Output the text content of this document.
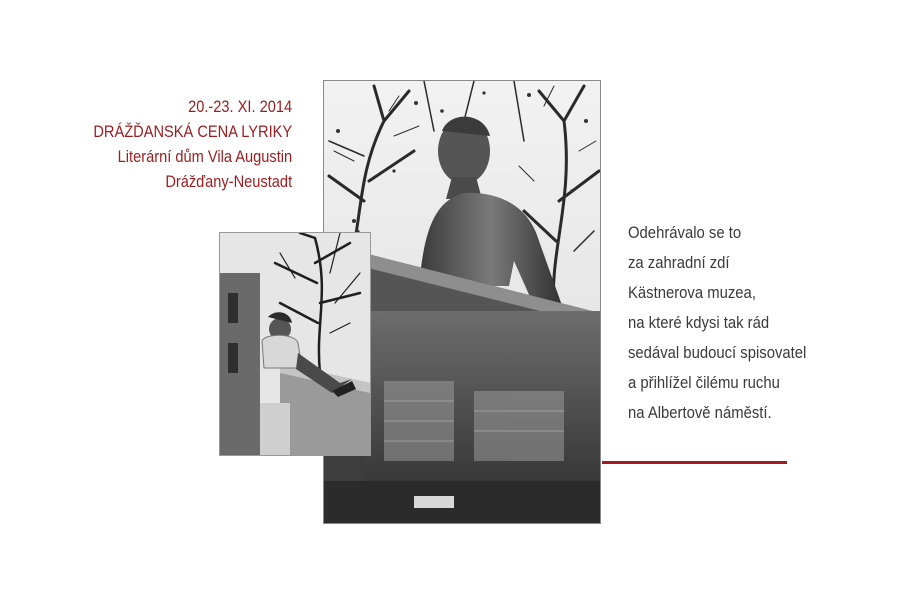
20.-23. XI. 2014
DRÁŽĎANSKÁ CENA LYRIKY
Literární dům Vila Augustin
Drážďany-Neustadt
Odehrávalo se to
za zahradní zdí
Kästnerova muzea,
na které kdysi tak rád
sedával budoucí spisovatel
a přihlížel čilému ruchu
na Albertově náměstí.
